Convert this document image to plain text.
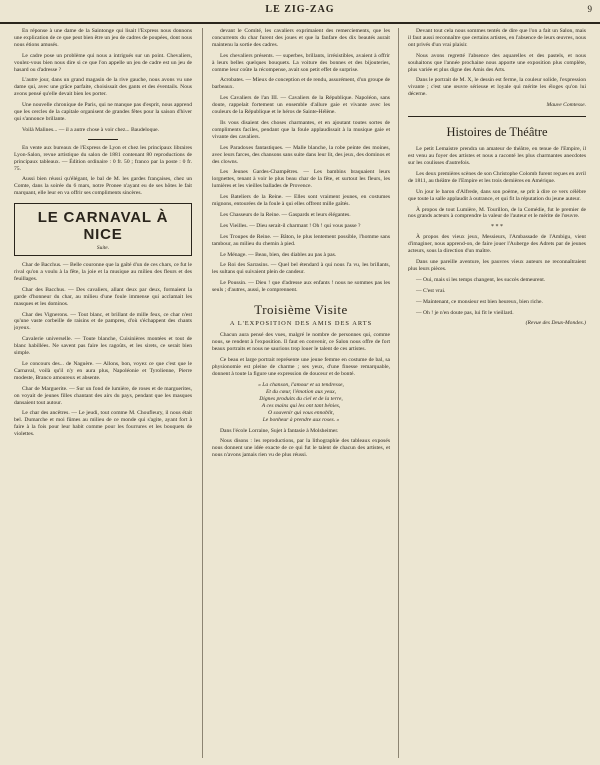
LE ZIG-ZAG	9

En réponse à une dame de la Saintonge qui lisait l'Express nous donnons une explication de ce que peut bien être un jeu de cadres de poupées, dont nous nous étions amusés.

Le cadre pose un problème qui nous a intrigués sur un point. Chevaliers, voulez-vous bien nous dire si ce que l'on appelle un jeu de cadre est un jeu de hasard ou d'adresse ?

L'autre jour, dans un grand magasin de la rive gauche, nous avons vu une dame qui, avec une grâce parfaite, choisissait des gants et des éventails. Nous avons pensé qu'elle devait bien les porter.

Une nouvelle chronique de Paris, qui ne manque pas d'esprit, nous apprend que les cercles de la capitale organisent de grandes fêtes pour la saison d'hiver qui s'annonce brillante.

Voilà Malines... — il a autre chose à voir chez... Baudeloque.

En vente aux bureaux de l'Express de Lyon et chez les principaux libraires Lyon-Salon, revue artistique du salon de 1881 contenant 80 reproductions de principaux tableaux. — Édition ordinaire : 0 fr. 50 ; franco par la poste : 0 fr. 75.

Aussi bien réussi qu'élégant, le bal de M. les gardes françaises, chez un Comte, dans la soirée du 6 mars, notre Pronee n'ayant eu de ses hôtes le fait marquant, elle leur en va offrir ses compliments sincères.

LE CARNAVAL À NICE
Suite.

Char de Bacchus. — Belle couronne que la gaîté d'un de ces chars, ce fut le rival qu'on a voulu à la fête, la joie et la musique au milieu des fleurs et des feuillages.

Char des Bacchus. — Des cavaliers, allant deux par deux, formaient la garde d'honneur du char, au milieu d'une foule immense qui acclamait les masques et les dominos.

Char des Vignerons. — Tout blanc, et brillant de mille feux, ce char n'est qu'une vaste corbeille de raisins et de pampres, d'où s'échappent des chants joyeux.

Cavalerie universelle. — Toute blanche, Cuisinières montées et tout de blanc habillées. Ne savent pas faire les ragoûts, et les sirets, ce serait bien simple.

Le concours des... de Naguère. — Allons, bon, voyez ce que c'est que le Carnaval, voilà qu'il n'y en aura plus, Napoléonie et Tyrolienne, Pierre modeste, Branco amoureux et absente.

Char de Marguerite. — Sur un fond de lumière, de roses et de marguerites, on voyait de jeunes filles chantant des airs du pays, pendant que les masques dansaient tout autour.

Le char des ancêtres. — Le jeudi, tout comme M. Choufleury, il nous était bel. Dumarche et moi fûmes au milieu de ce monde qui s'agite, ayant fort à faire à la fois pour leur habit comme pour les fourrures et les bouquets de violettes.

devant le Comité, les cavaliers exprimaient des remerciements, que les concurrents du char furent des joues et que la fanfare des dix beautés aurait maintenu la sortie des cadres.

Les chevaliers présents. — superbes, brillants, irrésistibles, avaient à offrir à leurs belles quelques bouquets. La voiture des bonnes et des bijouteries, comme leur coûte la récompense, avait son petit effet de surprise.

Acrobates. — Mieux de conception et de rendu, assurément, d'un groupe de barbeaux.

Les Cavaliers de l'an III. — Cavaliers de la République. Napoléon, sans doute, rappelait fortement un ensemble d'allure gaie et vivante avec les couleurs de la République et le héros de Sainte-Hélène.

Ils vous disaient des choses charmantes, et en ajoutant toutes sortes de compliments faciles, pendant que la foule applaudissait à la musique gaie et vivante des cavaliers.

Les Paradoxes fantastiques. — Malle blanche, la robe peinte des moines, avec leurs farces, des chansons sans suite dans leur lit, des jeux, des dominos et des clowns.

Les Jeunes Gardes-Champêtres. — Les bambins braquaient leurs lorgnettes, tenant à voir le plus beau char de la fête, et surtout les fleurs, les lumières et les vieilles ballades de Provence.

Les Bateliers de la Reine. — Elles sont vraiment jeunes, en costumes mignons, entourées de la foule à qui elles offrent mille gaîtés.

Les Chasseurs de la Reine. — Gaspards et leurs élégantes.

Les Vieilles. — Dieu serait-il charmant ! Oh ! qui vous passe ?

Les Troupes de Reine. — Bâton, le plus lentement possible, l'homme sans tambour, au milieu du chemin à pied.

Le Ménage. — Beau, bien, des diables au pas à pas.

Le Roi des Sarrasins. — Quel bel étendard à qui nous l'a vu, les brillants, les sultans qui suivaient plein de candeur.

Le Poussin. — Dieu ! que d'adresse aux enfants ! nous ne sommes pas les seuls ; d'autres, aussi, le comprennent.

Troisième Visite
A L'EXPOSITION DES AMIS DES ARTS

Chacun aura pensé des vues, malgré le nombre de personnes qui, comme nous, se rendent à l'exposition. Il faut en convenir, ce Salon nous offre de fort beaux portraits et nous ne saurions trop louer le talent de ces artistes.

Ce beau et large portrait représente une jeune femme en costume de bal, sa physionomie est pleine de charme ; ses yeux, d'une finesse remarquable, donnent à toute la figure une expression de douceur et de bonté.

« La chanson, l'amour et sa tendresse,
Et du cœur, l'émotion aux yeux,
Dignes produits du ciel et de la terre,
A ces mains qui les ont tant bénies,
O souvenir qui vous ennoblit,
Le bonheur à prendre aux roses. »

Dans l'école Lorraine, Sujet à fantasie à Molsheimer.

Nous disons : les reproductions, par la lithographie des tableaux exposés nous donnent une idée exacte de ce qui fut le talent de chacun des artistes, et nous n'avons jamais rien vu de plus réussi.

Devant tout cela nous sommes tentés de dire que l'on a fait un Salon, mais il faut aussi reconnaître que certains artistes, en l'absence de leurs œuvres, nous ont privés d'un vrai plaisir.

Nous avons regretté l'absence des aquarelles et des pastels, et nous souhaitons que l'année prochaine nous apporte une exposition plus complète, plus variée et plus digne des Amis des Arts.

Dans le portrait de M. X, le dessin est ferme, la couleur solide, l'expression vivante ; c'est une œuvre sérieuse et loyale qui mérite les éloges qu'on lui décerne.

Mauve Comtesse.
Histoires de Théâtre

Le petit Lemaistre prendra un amateur de théâtre, en tenue de l'Empire, il est venu au foyer des artistes et nous a raconté les plus charmantes anecdotes sur les coulisses d'autrefois.

Les deux premières scènes de son Christophe Colomb furent reçues en avril de 1811, au théâtre de l'Empire et les trois dernières en Amérique.

Un jour le baron d'Alfrede, dans son poème, se prit à dire ce vers célèbre que toute la salle applaudit à outrance, et qui fit la réputation du jeune auteur.

À propos de tout Lumière, M. Tourillon, de la Comédie, fut le premier de nos grands acteurs à comprendre la valeur de l'auteur et le mérite de l'œuvre.

* * *

À propos des vieux jeux, Messieurs, l'Ambassade de l'Ambigu, vient d'imaginer, nous apprend-on, de faire jouer l'Auberge des Adrets par de jeunes acteurs, sous la direction d'un maître.

Dans une pareille aventure, les pauvres vieux auteurs ne reconnaîtraient plus leurs pièces.

— Oui, mais si les temps changent, les succès demeurent.

— C'est vrai.

— Maintenant, ce monsieur est bien heureux, bien riche.

— Oh ! je n'en doute pas, lui fit le vieillard.

(Revue des Deux-Mondes.)
